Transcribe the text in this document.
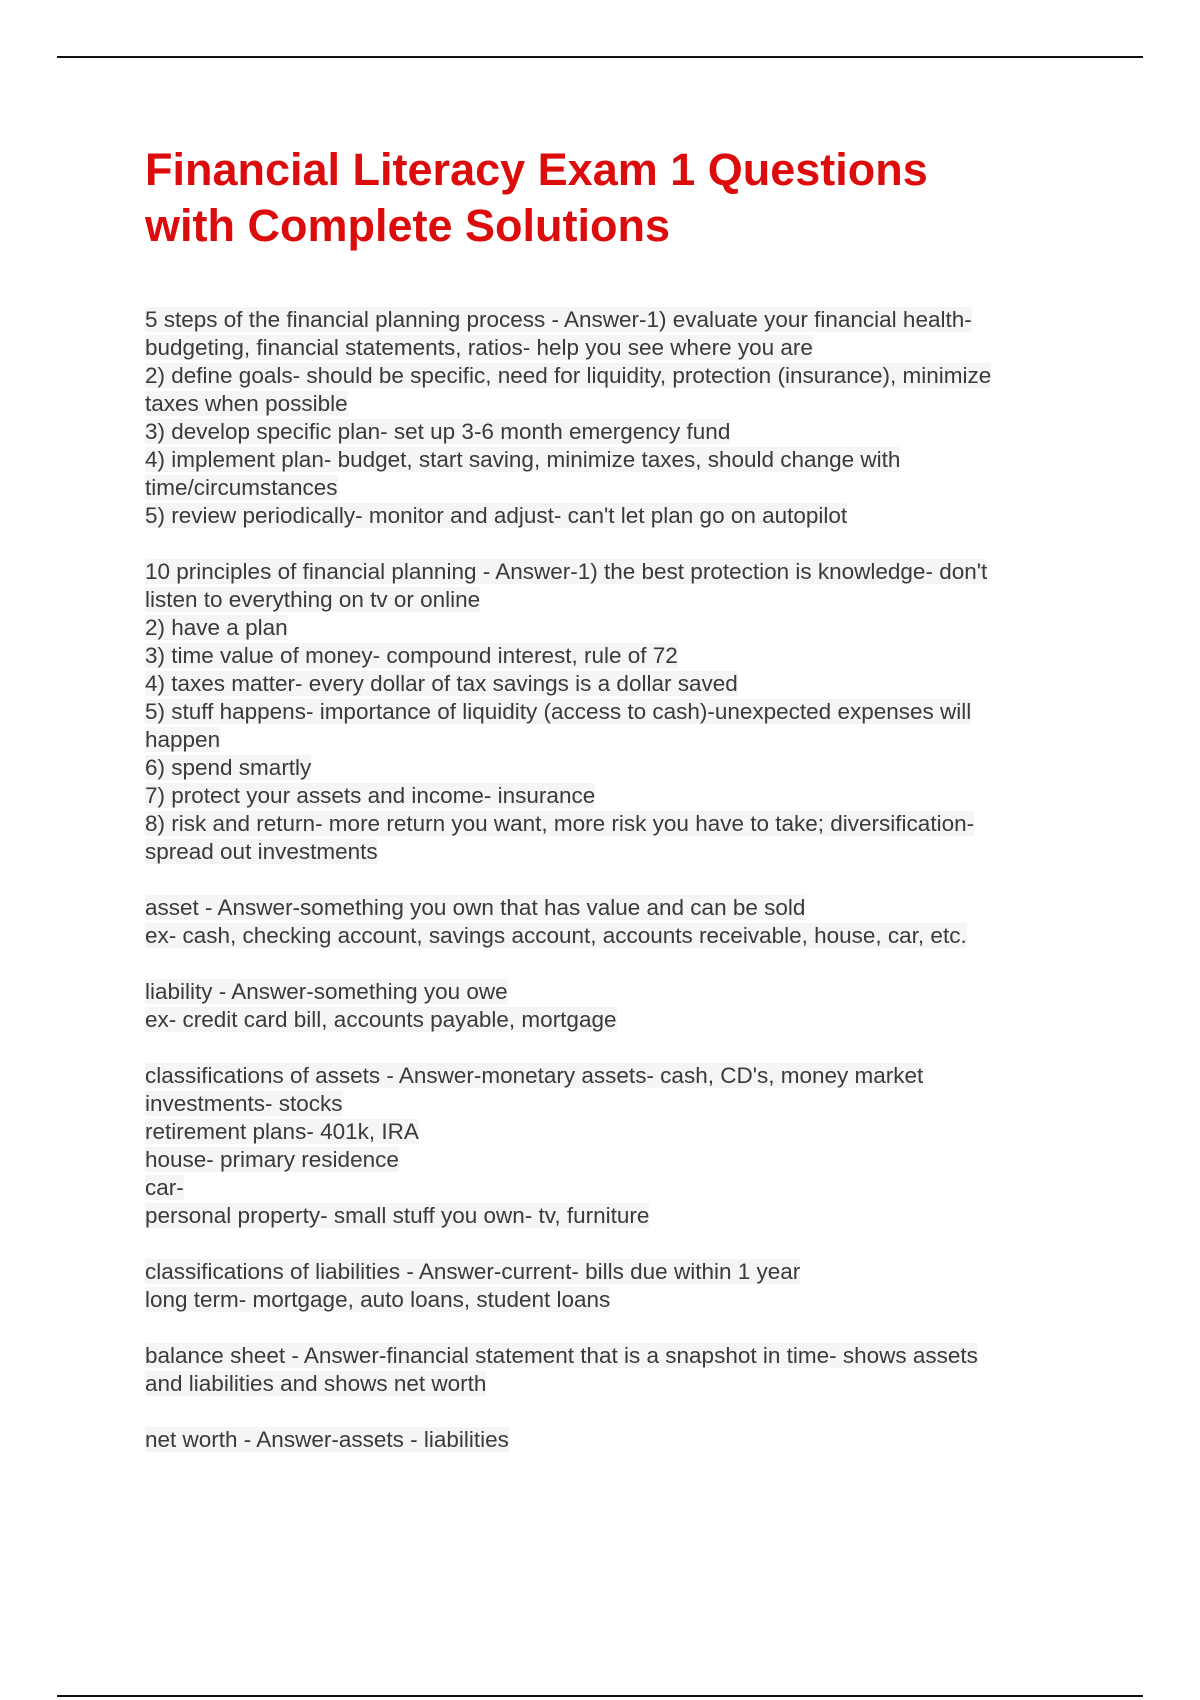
Financial Literacy Exam 1 Questions
with Complete Solutions
5 steps of the financial planning process - Answer-1) evaluate your financial health-
budgeting, financial statements, ratios- help you see where you are
2) define goals- should be specific, need for liquidity, protection (insurance), minimize
taxes when possible
3) develop specific plan- set up 3-6 month emergency fund
4) implement plan- budget, start saving, minimize taxes, should change with
time/circumstances
5) review periodically- monitor and adjust- can't let plan go on autopilot
10 principles of financial planning - Answer-1) the best protection is knowledge- don't
listen to everything on tv or online
2) have a plan
3) time value of money- compound interest, rule of 72
4) taxes matter- every dollar of tax savings is a dollar saved
5) stuff happens- importance of liquidity (access to cash)-unexpected expenses will
happen
6) spend smartly
7) protect your assets and income- insurance
8) risk and return- more return you want, more risk you have to take; diversification-
spread out investments
asset - Answer-something you own that has value and can be sold
ex- cash, checking account, savings account, accounts receivable, house, car, etc.
liability - Answer-something you owe
ex- credit card bill, accounts payable, mortgage
classifications of assets - Answer-monetary assets- cash, CD's, money market
investments- stocks
retirement plans- 401k, IRA
house- primary residence
car-
personal property- small stuff you own- tv, furniture
classifications of liabilities - Answer-current- bills due within 1 year
long term- mortgage, auto loans, student loans
balance sheet - Answer-financial statement that is a snapshot in time- shows assets
and liabilities and shows net worth
net worth - Answer-assets - liabilities
